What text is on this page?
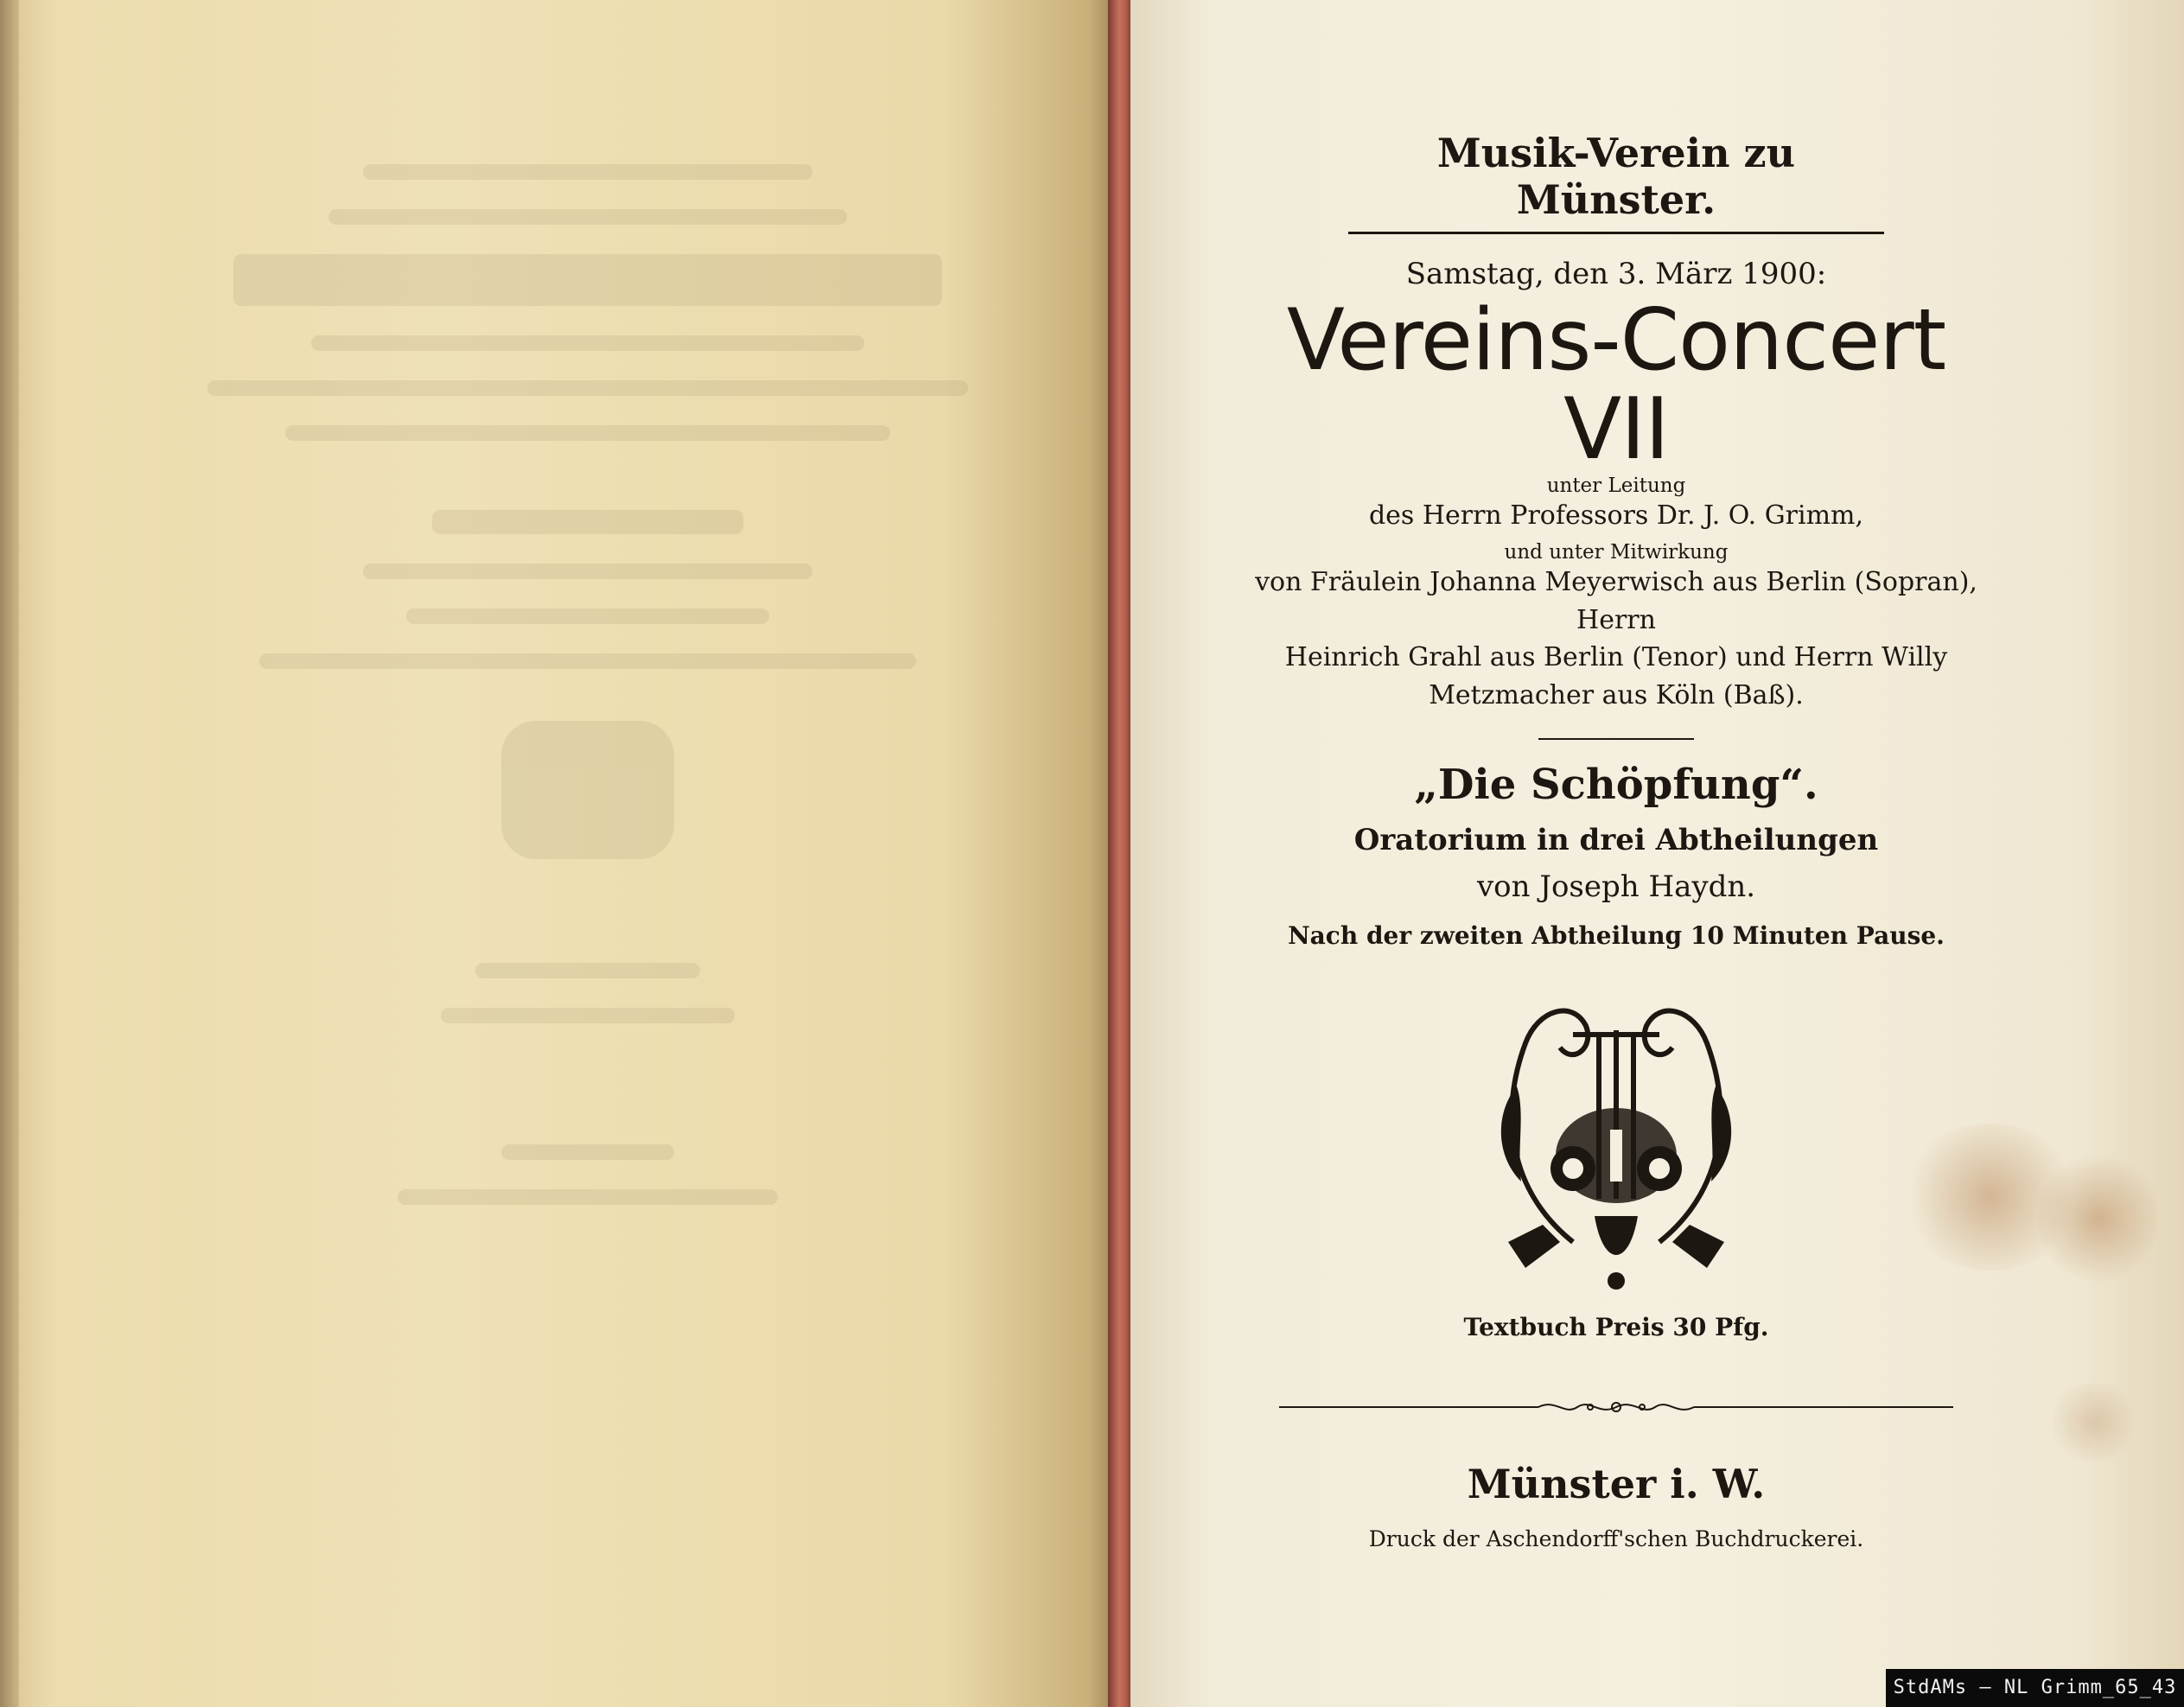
Musik-Verein zu Münster.
Samstag, den 3. März 1900:
Vereins-Concert VII
unter Leitung
des Herrn Professors Dr. J. O. Grimm,
und unter Mitwirkung
von Fräulein Johanna Meyerwisch aus Berlin (Sopran), Herrn
Heinrich Grahl aus Berlin (Tenor) und Herrn Willy
Metzmacher aus Köln (Baß).
„Die Schöpfung“.
Oratorium in drei Abtheilungen
von Joseph Haydn.
Nach der zweiten Abtheilung 10 Minuten Pause.
Textbuch Preis 30 Pfg.
Münster i. W.
Druck der Aschendorff'schen Buchdruckerei.
StdAMs – NL Grimm_65_43
